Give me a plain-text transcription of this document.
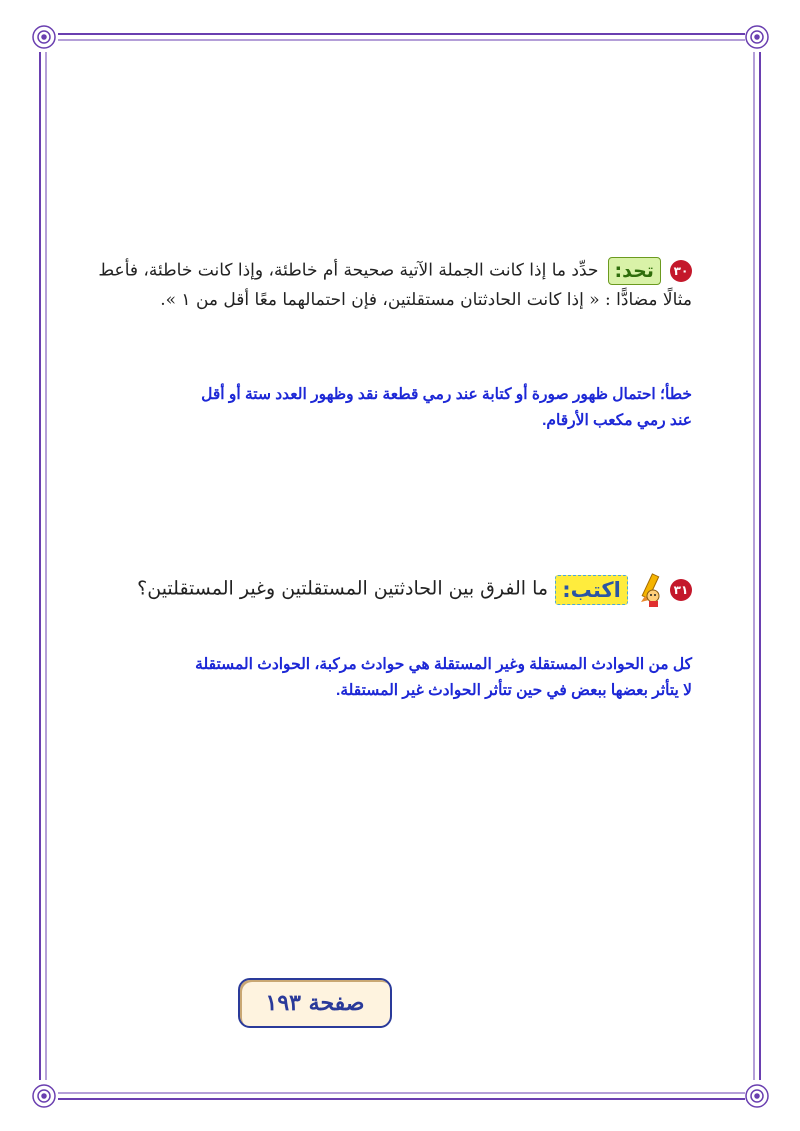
٣٠ تحد: حدِّد ما إذا كانت الجملة الآتية صحيحة أم خاطئة، وإذا كانت خاطئة، فأعط
مثالًا مضادًّا : « إذا كانت الحادثتان مستقلتين، فإن احتمالهما معًا أقل من ١ ».
خطأ؛ احتمال ظهور صورة أو كتابة عند رمي قطعة نقد وظهور العدد ستة أو أقل
عند رمي مكعب الأرقام.
٣١  اكتب: ما الفرق بين الحادثتين المستقلتين وغير المستقلتين؟
كل من الحوادث المستقلة وغير المستقلة هي حوادث مركبة، الحوادث المستقلة
لا يتأثر بعضها ببعض في حين تتأثر الحوادث غير المستقلة.
صفحة ١٩٣
